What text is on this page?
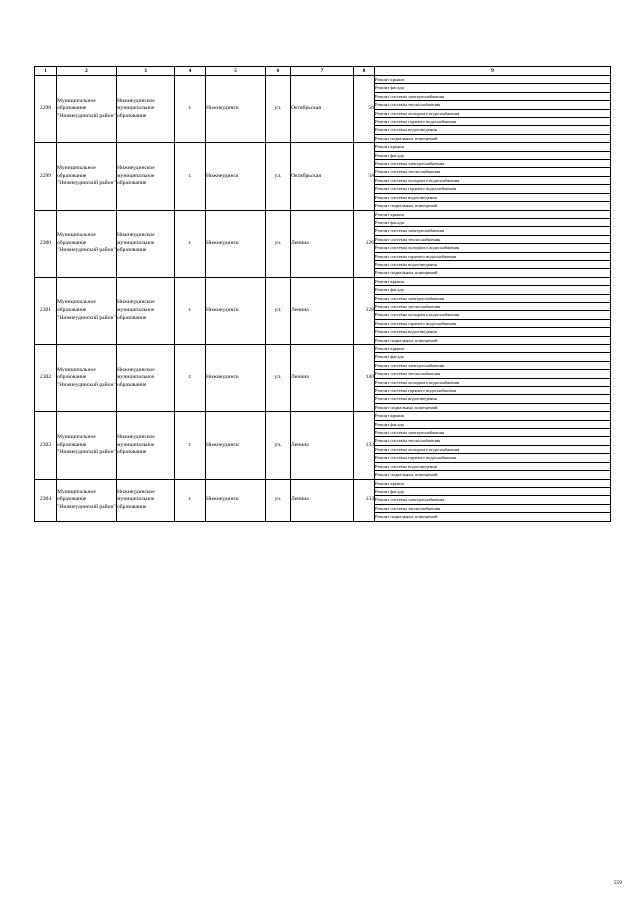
1	2	3	4	5	6	7	8	9
2298	Муниципальное образование "Нижнеудинский район"	Нижнеудинское муниципальное образование	г.	Нижнеудинск	ул.	Октябрьская	56	Ремонт крыши
								Ремонт фасада
								Ремонт системы электроснабжения
								Ремонт системы теплоснабжения
								Ремонт системы холодного водоснабжения
								Ремонт системы горячего водоснабжения
								Ремонт системы водоотведения
								Ремонт подвальных помещений
2299	Муниципальное образование "Нижнеудинский район"	Нижнеудинское муниципальное образование	г.	Нижнеудинск	ул.	Октябрьская	58	Ремонт крыши
								Ремонт фасада
								Ремонт системы электроснабжения
								Ремонт системы теплоснабжения
								Ремонт системы холодного водоснабжения
								Ремонт системы горячего водоснабжения
								Ремонт системы водоотведения
								Ремонт подвальных помещений
2300	Муниципальное образование "Нижнеудинский район"	Нижнеудинское муниципальное образование	г.	Нижнеудинск	ул.	Ленина	126	Ремонт крыши
								Ремонт фасада
								Ремонт системы электроснабжения
								Ремонт системы теплоснабжения
								Ремонт системы холодного водоснабжения
								Ремонт системы горячего водоснабжения
								Ремонт системы водоотведения
								Ремонт подвальных помещений
2301	Муниципальное образование "Нижнеудинский район"	Нижнеудинское муниципальное образование	г.	Нижнеудинск	ул.	Ленина	128	Ремонт крыши
								Ремонт фасада
								Ремонт системы электроснабжения
								Ремонт системы теплоснабжения
								Ремонт системы холодного водоснабжения
								Ремонт системы горячего водоснабжения
								Ремонт системы водоотведения
								Ремонт подвальных помещений
2302	Муниципальное образование "Нижнеудинский район"	Нижнеудинское муниципальное образование	г.	Нижнеудинск	ул.	Ленина	130	Ремонт крыши
								Ремонт фасада
								Ремонт системы электроснабжения
								Ремонт системы теплоснабжения
								Ремонт системы холодного водоснабжения
								Ремонт системы горячего водоснабжения
								Ремонт системы водоотведения
								Ремонт подвальных помещений
2303	Муниципальное образование "Нижнеудинский район"	Нижнеудинское муниципальное образование	г.	Нижнеудинск	ул.	Ленина	132	Ремонт крыши
								Ремонт фасада
								Ремонт системы электроснабжения
								Ремонт системы теплоснабжения
								Ремонт системы холодного водоснабжения
								Ремонт системы горячего водоснабжения
								Ремонт системы водоотведения
								Ремонт подвальных помещений
2304	Муниципальное образование "Нижнеудинский район"	Нижнеудинское муниципальное образование	г.	Нижнеудинск	ул.	Ленина	133	Ремонт крыши
								Ремонт фасада
								Ремонт системы электроснабжения
								Ремонт системы теплоснабжения
								Ремонт подвальных помещений
559
